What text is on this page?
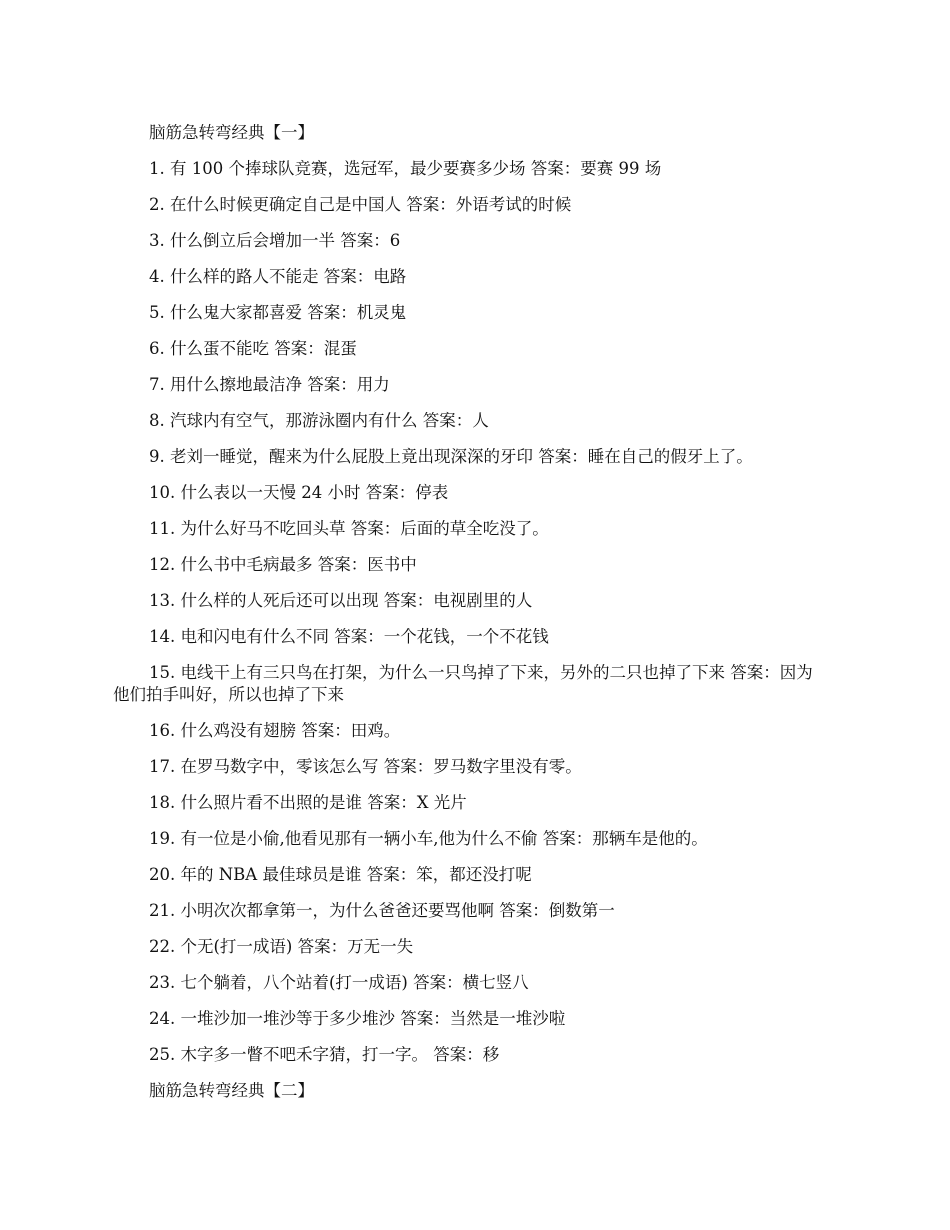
脑筋急转弯经典【一】

1. 有 100 个捧球队竞赛，选冠军，最少要赛多少场 答案：要赛 99 场

2. 在什么时候更确定自己是中国人 答案：外语考试的时候

3. 什么倒立后会增加一半 答案：6

4. 什么样的路人不能走 答案：电路

5. 什么鬼大家都喜爱 答案：机灵鬼

6. 什么蛋不能吃 答案：混蛋

7. 用什么擦地最洁净 答案：用力

8. 汽球内有空气，那游泳圈内有什么 答案：人

9. 老刘一睡觉，醒来为什么屁股上竟出现深深的牙印 答案：睡在自己的假牙上了。

10. 什么表以一天慢 24 小时 答案：停表

11. 为什么好马不吃回头草 答案：后面的草全吃没了。

12. 什么书中毛病最多 答案：医书中

13. 什么样的人死后还可以出现 答案：电视剧里的人

14. 电和闪电有什么不同 答案：一个花钱，一个不花钱

15. 电线干上有三只鸟在打架，为什么一只鸟掉了下来，另外的二只也掉了下来 答案：因为他们拍手叫好，所以也掉了下来

16. 什么鸡没有翅膀 答案：田鸡。

17. 在罗马数字中，零该怎么写 答案：罗马数字里没有零。

18. 什么照片看不出照的是谁 答案：X 光片

19. 有一位是小偷,他看见那有一辆小车,他为什么不偷 答案：那辆车是他的。

20. 年的 NBA 最佳球员是谁 答案：笨，都还没打呢

21. 小明次次都拿第一，为什么爸爸还要骂他啊 答案：倒数第一

22. 个无(打一成语) 答案：万无一失

23. 七个躺着，八个站着(打一成语) 答案：横七竖八

24. 一堆沙加一堆沙等于多少堆沙 答案：当然是一堆沙啦

25. 木字多一瞥不吧禾字猜，打一字。 答案：移

脑筋急转弯经典【二】
